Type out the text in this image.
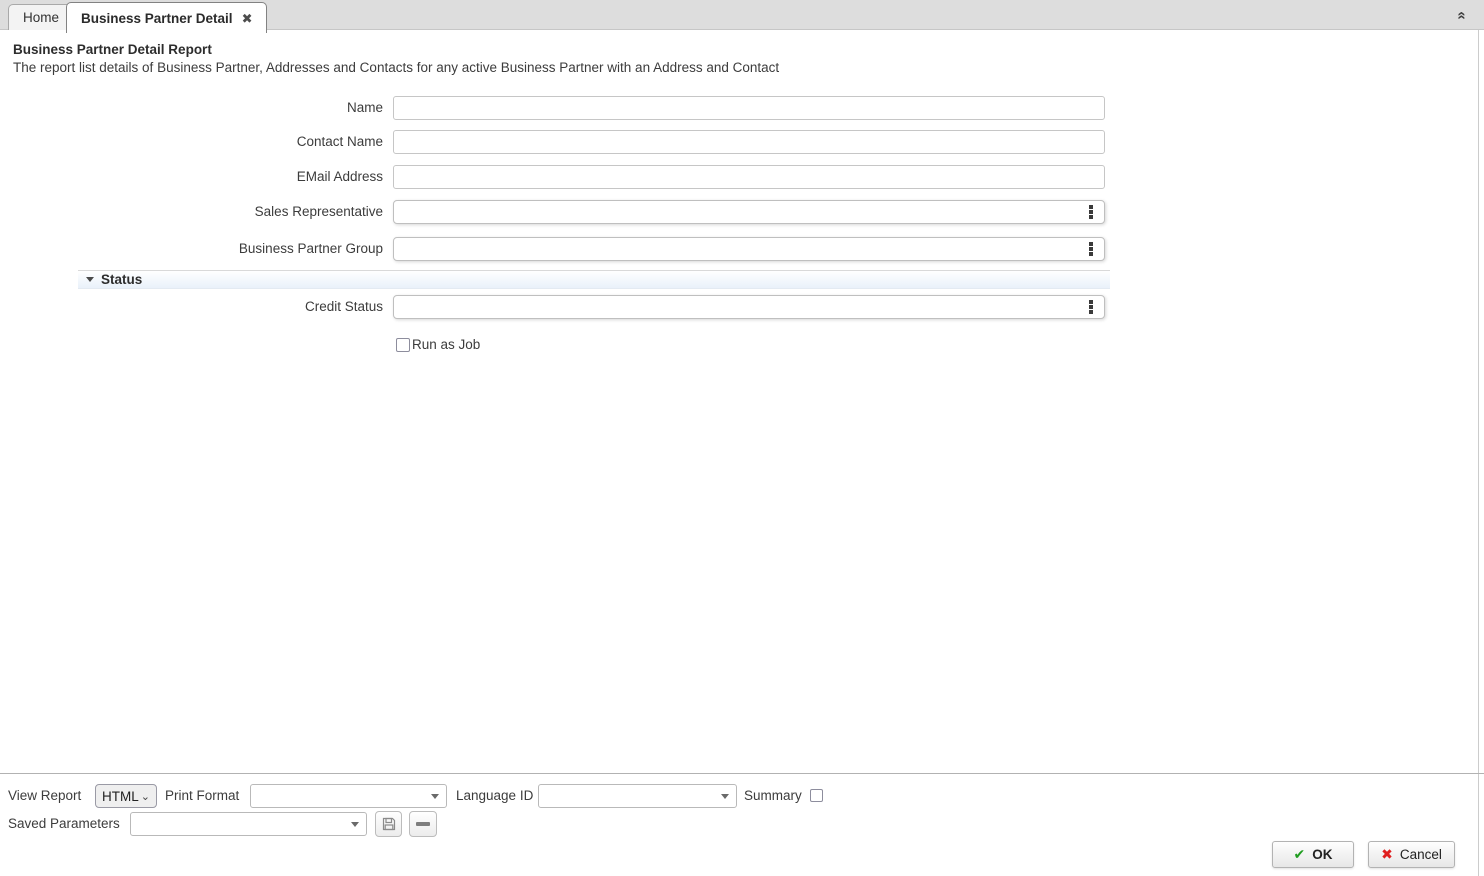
Home Business Partner Detail ✖	«
Business Partner Detail Report
The report list details of Business Partner, Addresses and Contacts for any active Business Partner with an Address and Contact
Name
Contact Name
EMail Address
Sales Representative
Business Partner Group
Status
Credit Status
Run as Job
View Report HTML ⌄ Print Format	Language ID	Summary
Saved Parameters
✔ OK	✖ Cancel
